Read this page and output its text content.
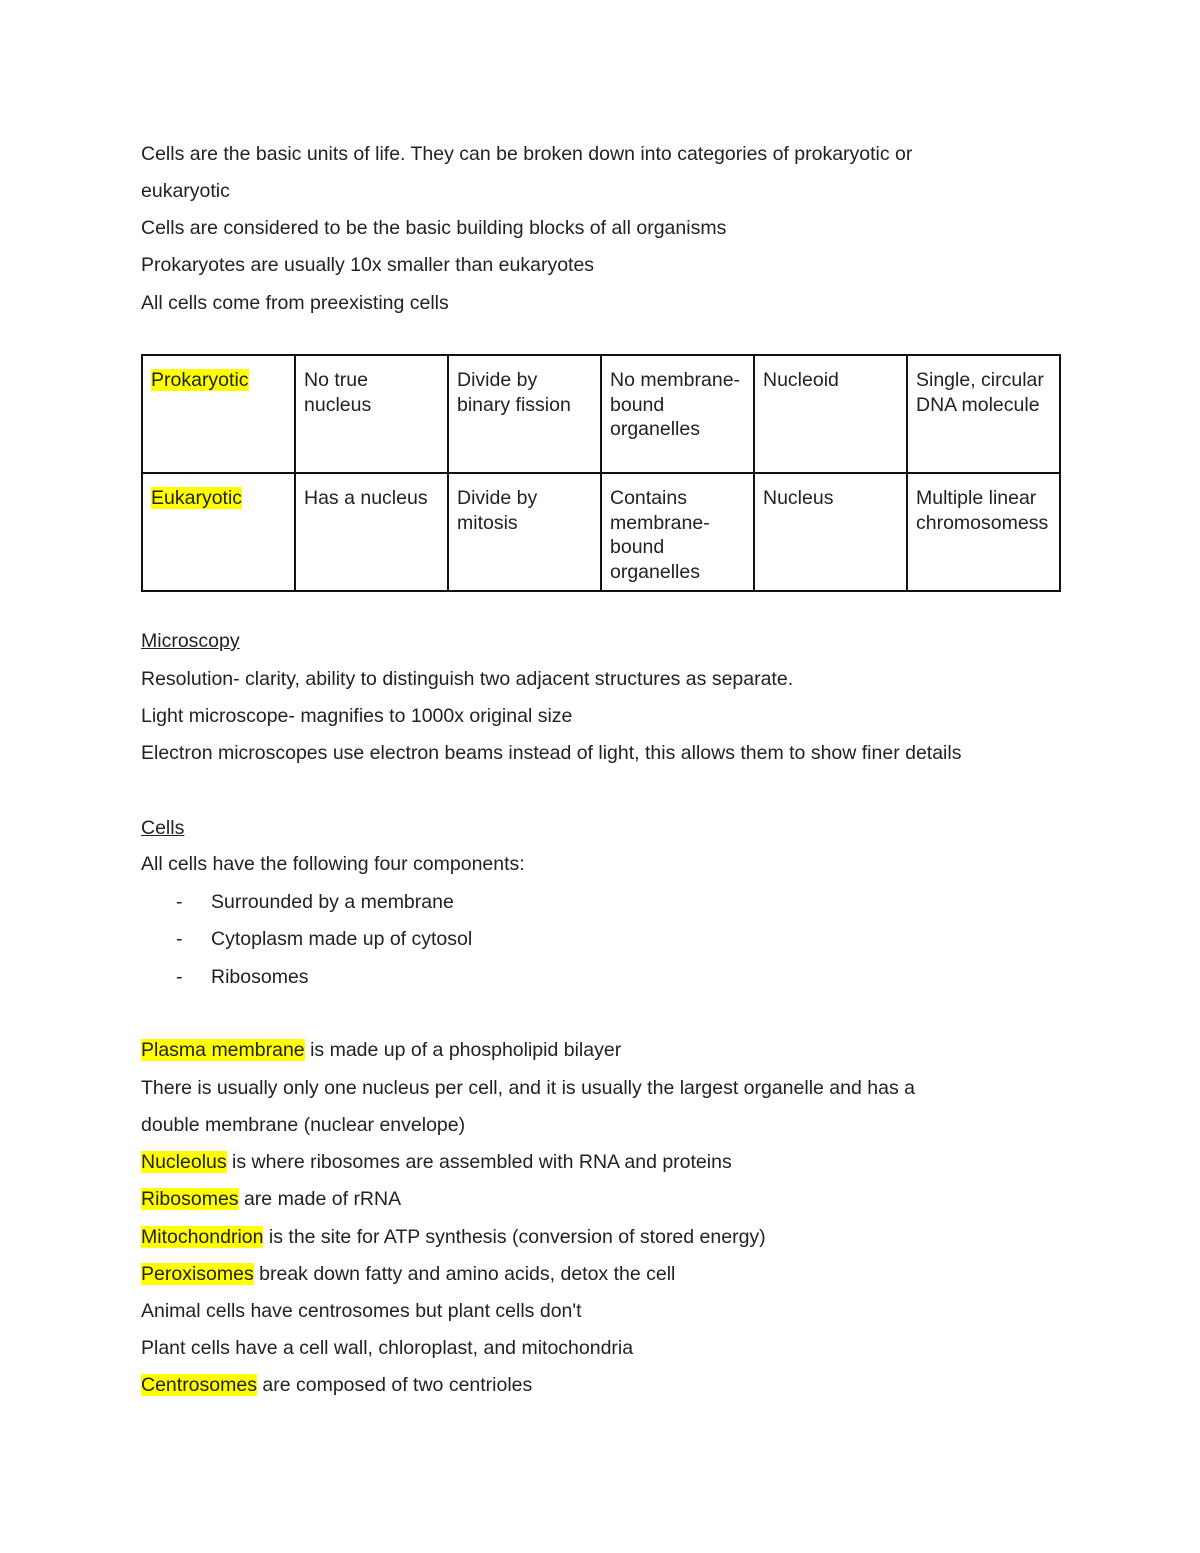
Cells are the basic units of life. They can be broken down into categories of prokaryotic or
eukaryotic
Cells are considered to be the basic building blocks of all organisms
Prokaryotes are usually 10x smaller than eukaryotes
All cells come from preexisting cells
Prokaryotic	No true nucleus	Divide by binary fission	No membrane-bound organelles	Nucleoid	Single, circular DNA molecule
Eukaryotic	Has a nucleus	Divide by mitosis	Contains membrane-bound organelles	Nucleus	Multiple linear chromosomess
Microscopy
Resolution- clarity, ability to distinguish two adjacent structures as separate.
Light microscope- magnifies to 1000x original size
Electron microscopes use electron beams instead of light, this allows them to show finer details
Cells
All cells have the following four components:
- Surrounded by a membrane
- Cytoplasm made up of cytosol
- Ribosomes
Plasma membrane is made up of a phospholipid bilayer
There is usually only one nucleus per cell, and it is usually the largest organelle and has a
double membrane (nuclear envelope)
Nucleolus is where ribosomes are assembled with RNA and proteins
Ribosomes are made of rRNA
Mitochondrion is the site for ATP synthesis (conversion of stored energy)
Peroxisomes break down fatty and amino acids, detox the cell
Animal cells have centrosomes but plant cells don't
Plant cells have a cell wall, chloroplast, and mitochondria
Centrosomes are composed of two centrioles
